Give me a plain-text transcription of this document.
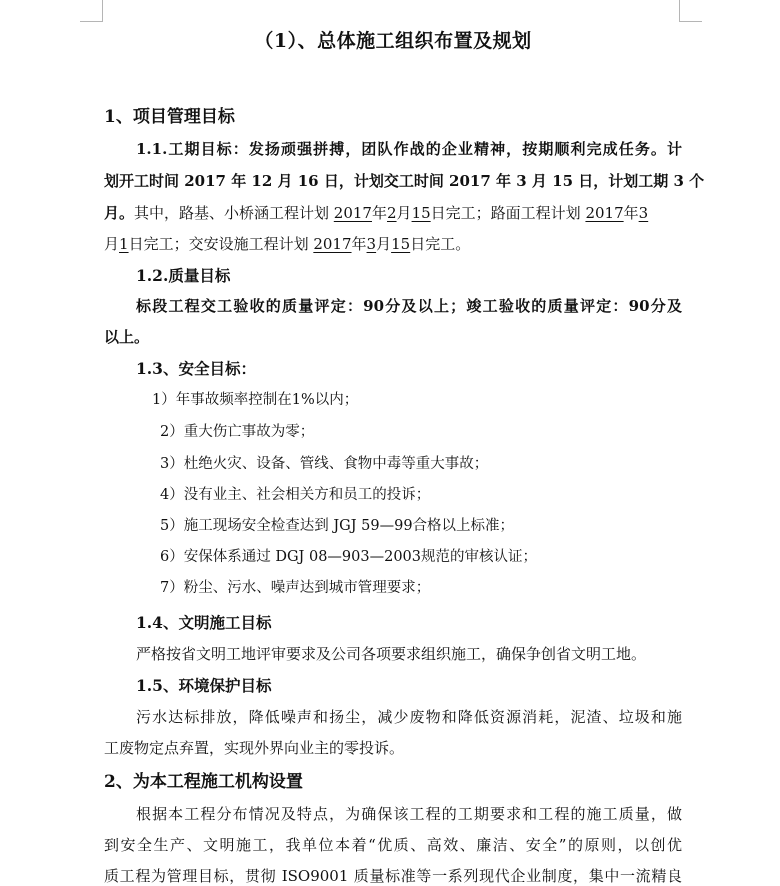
（1）、总体施工组织布置及规划
1、项目管理目标
1.1.工期目标：发扬顽强拼搏，团队作战的企业精神，按期顺利完成任务。计
划开工时间 2017 年 12 月 16 日，计划交工时间 2017 年 3 月 15 日，计划工期 3 个
月。其中，路基、小桥涵工程计划 2017年2月15日完工；路面工程计划 2017年3
月1日完工；交安设施工程计划 2017年3月15日完工。
1.2.质量目标
标段工程交工验收的质量评定：90分及以上；竣工验收的质量评定：90分及
以上。
1.3、安全目标：
1）年事故频率控制在1%以内；
2）重大伤亡事故为零；
3）杜绝火灾、设备、管线、食物中毒等重大事故；
4）没有业主、社会相关方和员工的投诉；
5）施工现场安全检查达到 JGJ 59—99合格以上标准；
6）安保体系通过 DGJ 08—903—2003规范的审核认证；
7）粉尘、污水、噪声达到城市管理要求；
1.4、文明施工目标
严格按省文明工地评审要求及公司各项要求组织施工，确保争创省文明工地。
1.5、环境保护目标
污水达标排放，降低噪声和扬尘，减少废物和降低资源消耗，泥渣、垃圾和施
工废物定点弃置，实现外界向业主的零投诉。
2、为本工程施工机构设置
根据本工程分布情况及特点，为确保该工程的工期要求和工程的施工质量，做
到安全生产、文明施工，我单位本着“优质、高效、廉洁、安全”的原则，以创优
质工程为管理目标，贯彻 ISO9001 质量标准等一系列现代企业制度，集中一流精良
